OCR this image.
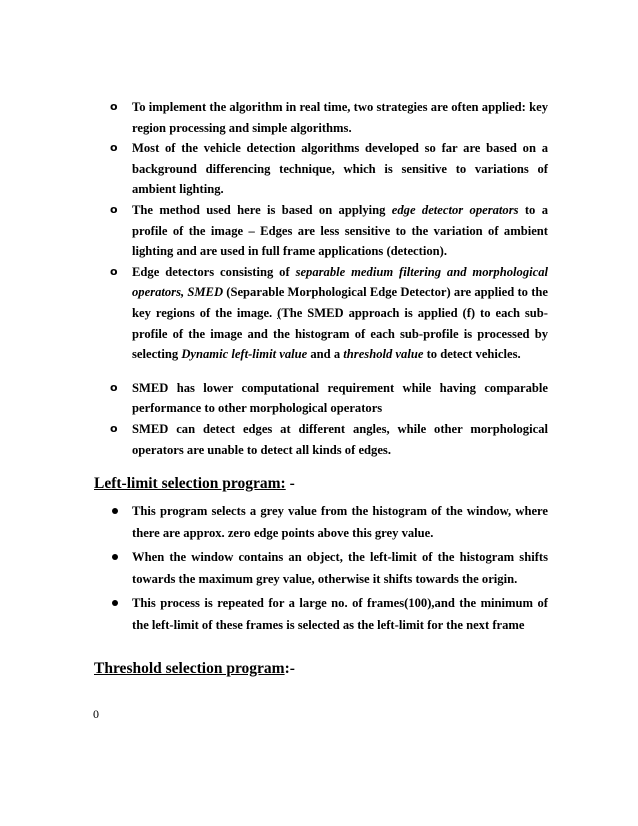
o To implement the algorithm in real time, two strategies are often applied: key region processing and simple algorithms.
o Most of the vehicle detection algorithms developed so far are based on a background differencing technique, which is sensitive to variations of ambient lighting.
o The method used here is based on applying edge detector operators to a profile of the image – Edges are less sensitive to the variation of ambient lighting and are used in full frame applications (detection).
o Edge detectors consisting of separable medium filtering and morphological operators, SMED (Separable Morphological Edge Detector) are applied to the key regions of the image. (The SMED approach is applied (f) to each sub-profile of the image and the histogram of each sub-profile is processed by selecting Dynamic left-limit value and a threshold value to detect vehicles.
o SMED has lower computational requirement while having comparable performance to other morphological operators
o SMED can detect edges at different angles, while other morphological operators are unable to detect all kinds of edges.
Left-limit selection program: -
This program selects a grey value from the histogram of the window, where there are approx. zero edge points above this grey value.
When the window contains an object, the left-limit of the histogram shifts towards the maximum grey value, otherwise it shifts towards the origin.
This process is repeated for a large no. of frames(100),and the minimum of the left-limit of these frames is selected as the left-limit for the next frame
Threshold selection program:-
0
